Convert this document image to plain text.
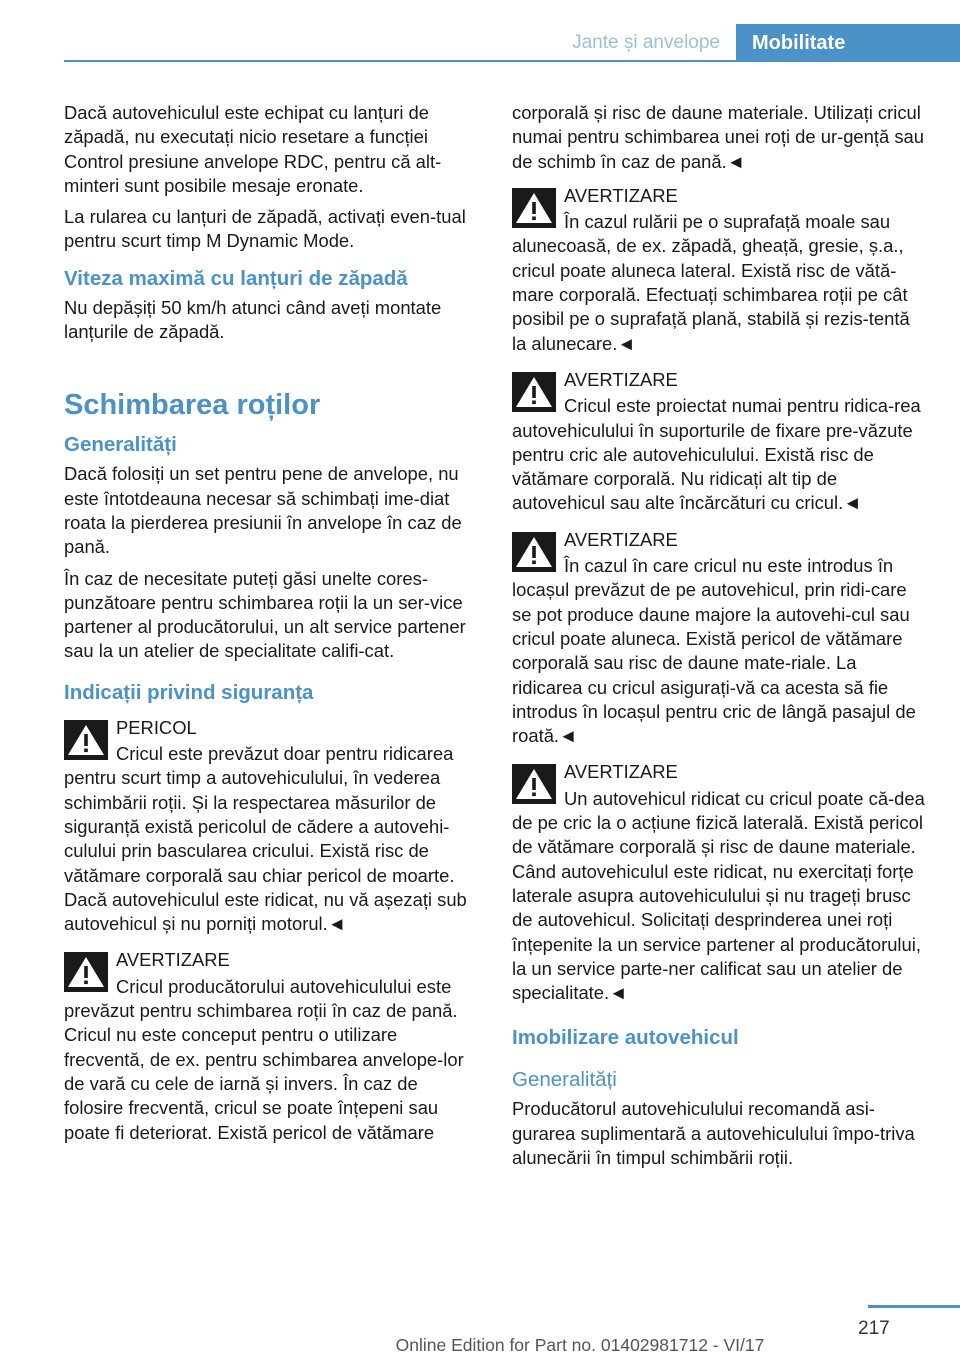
Jante și anvelope	Mobilitate

Dacă autovehiculul este echipat cu lanțuri de zăpadă, nu executați nicio resetare a funcției Control presiune anvelope RDC, pentru că alt‐minteri sunt posibile mesaje eronate.

La rularea cu lanțuri de zăpadă, activați even‐tual pentru scurt timp M Dynamic Mode.

Viteza maximă cu lanțuri de zăpadă

Nu depășiți 50 km/h atunci când aveți montate lanțurile de zăpadă.

Schimbarea roților
Generalități

Dacă folosiți un set pentru pene de anvelope, nu este întotdeauna necesar să schimbați ime‐diat roata la pierderea presiunii în anvelope în caz de pană.

În caz de necesitate puteți găsi unelte cores‐punzătoare pentru schimbarea roții la un ser‐vice partener al producătorului, un alt service partener sau la un atelier de specialitate califi‐cat.

Indicații privind siguranța
PERICOL
Cricul este prevăzut doar pentru ridicarea pentru scurt timp a autovehiculului, în vederea schimbării roții. Și la respectarea măsurilor de siguranță există pericolul de cădere a autovehi‐culului prin bascularea cricului. Există risc de vătămare corporală sau chiar pericol de moarte. Dacă autovehiculul este ridicat, nu vă așezați sub autovehicul și nu porniți motorul.◄
AVERTIZARE
Cricul producătorului autovehiculului este prevăzut pentru schimbarea roții în caz de pană. Cricul nu este conceput pentru o utilizare frecventă, de ex. pentru schimbarea anvelope‐lor de vară cu cele de iarnă și invers. În caz de folosire frecventă, cricul se poate înțepeni sau poate fi deteriorat. Există pericol de vătămare

corporală și risc de daune materiale. Utilizați cricul numai pentru schimbarea unei roți de ur‐gență sau de schimb în caz de pană.◄

AVERTIZARE
În cazul rulării pe o suprafață moale sau alunecoasă, de ex. zăpadă, gheață, gresie, ș.a., cricul poate aluneca lateral. Există risc de vătă‐mare corporală. Efectuați schimbarea roții pe cât posibil pe o suprafață plană, stabilă și rezis‐tentă la alunecare.◄
AVERTIZARE
Cricul este proiectat numai pentru ridica‐rea autovehiculului în suporturile de fixare pre‐văzute pentru cric ale autovehiculului. Există risc de vătămare corporală. Nu ridicați alt tip de autovehicul sau alte încărcături cu cricul.◄
AVERTIZARE
În cazul în care cricul nu este introdus în locașul prevăzut de pe autovehicul, prin ridi‐care se pot produce daune majore la autovehi‐cul sau cricul poate aluneca. Există pericol de vătămare corporală sau risc de daune mate‐riale. La ridicarea cu cricul asigurați-vă ca acesta să fie introdus în locașul pentru cric de lângă pasajul de roată.◄
AVERTIZARE
Un autovehicul ridicat cu cricul poate că‐dea de pe cric la o acțiune fizică laterală. Există pericol de vătămare corporală și risc de daune materiale. Când autovehiculul este ridicat, nu exercitați forțe laterale asupra autovehiculului și nu trageți brusc de autovehicul. Solicitați desprinderea unei roți înțepenite la un service partener al producătorului, la un service parte‐ner calificat sau un atelier de specialitate.◄
Imobilizare autovehicul
Generalități

Producătorul autovehiculului recomandă asi‐gurarea suplimentară a autovehiculului împo‐triva alunecării în timpul schimbării roții.

217
Online Edition for Part no. 01402981712 - VI/17
